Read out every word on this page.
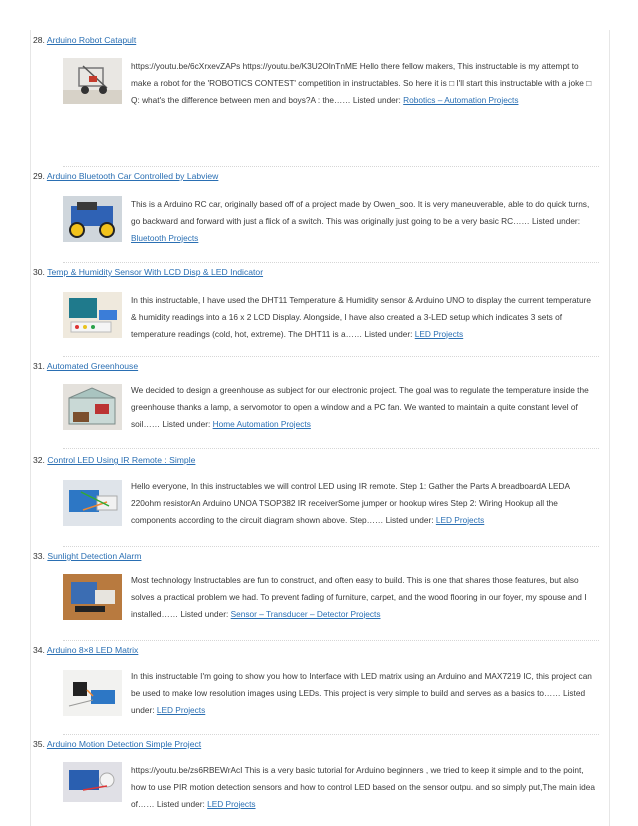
28. Arduino Robot Catapult
https://youtu.be/6cXrxevZAPs https://youtu.be/K3U2OlnTnME Hello there fellow makers, This instructable is my attempt to make a robot for the 'ROBOTICS CONTEST' competition in instructables. So here it is □ I'll start this instructable with a joke □ Q: what's the difference between men and boys?A : the…… Listed under: Robotics – Automation Projects
29. Arduino Bluetooth Car Controlled by Labview
This is a Arduino RC car, originally based off of a project made by Owen_soo. It is very maneuverable, able to do quick turns, go backward and forward with just a flick of a switch. This was originally just going to be a very basic RC…… Listed under: Bluetooth Projects
30. Temp & Humidity Sensor With LCD Disp & LED Indicator
In this instructable, I have used the DHT11 Temperature & Humidity sensor & Arduino UNO to display the current temperature & humidity readings into a 16 x 2 LCD Display. Alongside, I have also created a 3-LED setup which indicates 3 sets of temperature readings (cold, hot, extreme). The DHT11 is a…… Listed under: LED Projects
31. Automated Greenhouse
We decided to design a greenhouse as subject for our electronic project. The goal was to regulate the temperature inside the greenhouse thanks a lamp, a servomotor to open a window and a PC fan. We wanted to maintain a quite constant level of soil…… Listed under: Home Automation Projects
32. Control LED Using IR Remote : Simple
Hello everyone, In this instructables we will control LED using IR remote. Step 1: Gather the Parts A breadboardA LEDA 220ohm resistorAn Arduino UNOA TSOP382 IR receiverSome jumper or hookup wires Step 2: Wiring Hookup all the components according to the circuit diagram shown above. Step…… Listed under: LED Projects
33. Sunlight Detection Alarm
Most technology Instructables are fun to construct, and often easy to build. This is one that shares those features, but also solves a practical problem we had. To prevent fading of furniture, carpet, and the wood flooring in our foyer, my spouse and I installed…… Listed under: Sensor – Transducer – Detector Projects
34. Arduino 8×8 LED Matrix
In this instructable I'm going to show you how to Interface with LED matrix using an Arduino and MAX7219 IC, this project can be used to make low resolution images using LEDs. This project is very simple to build and serves as a basics to…… Listed under: LED Projects
35. Arduino Motion Detection Simple Project
https://youtu.be/zs6RBEWrAcI This is a very basic tutorial for Arduino beginners , we tried to keep it simple and to the point, how to use PIR motion detection sensors and how to control LED based on the sensor outpu. and so simply put,The main idea of…… Listed under: LED Projects
